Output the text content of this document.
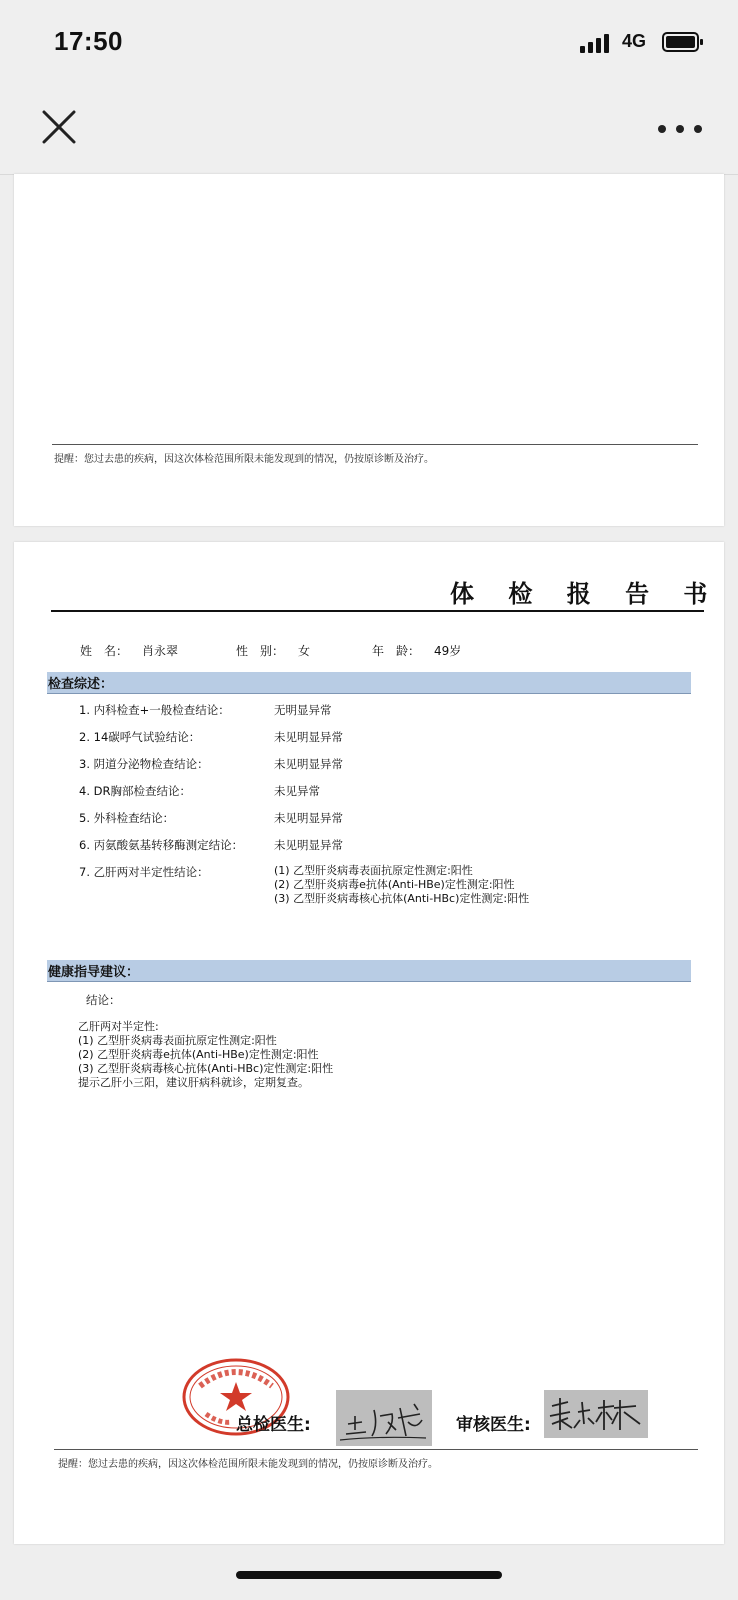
17:50	4G
提醒：您过去患的疾病，因这次体检范围所限未能发现到的情况，仍按原诊断及治疗。
体 检 报 告 书
姓　名： 肖永翠	性　别： 女	年　龄： 49岁
检查综述：
1. 内科检查+一般检查结论：	无明显异常
2. 14碳呼气试验结论：	未见明显异常
3. 阴道分泌物检查结论：	未见明显异常
4. DR胸部检查结论：	未见异常
5. 外科检查结论：	未见明显异常
6. 丙氨酸氨基转移酶测定结论：	未见明显异常
7. 乙肝两对半定性结论：	(1) 乙型肝炎病毒表面抗原定性测定:阳性
(2) 乙型肝炎病毒e抗体(Anti-HBe)定性测定:阳性
(3) 乙型肝炎病毒核心抗体(Anti-HBc)定性测定:阳性
健康指导建议：
结论：
乙肝两对半定性:
(1) 乙型肝炎病毒表面抗原定性测定:阳性
(2) 乙型肝炎病毒e抗体(Anti-HBe)定性测定:阳性
(3) 乙型肝炎病毒核心抗体(Anti-HBc)定性测定:阳性
提示乙肝小三阳，建议肝病科就诊，定期复查。
总检医生:	审核医生:
提醒：您过去患的疾病，因这次体检范围所限未能发现到的情况，仍按原诊断及治疗。
